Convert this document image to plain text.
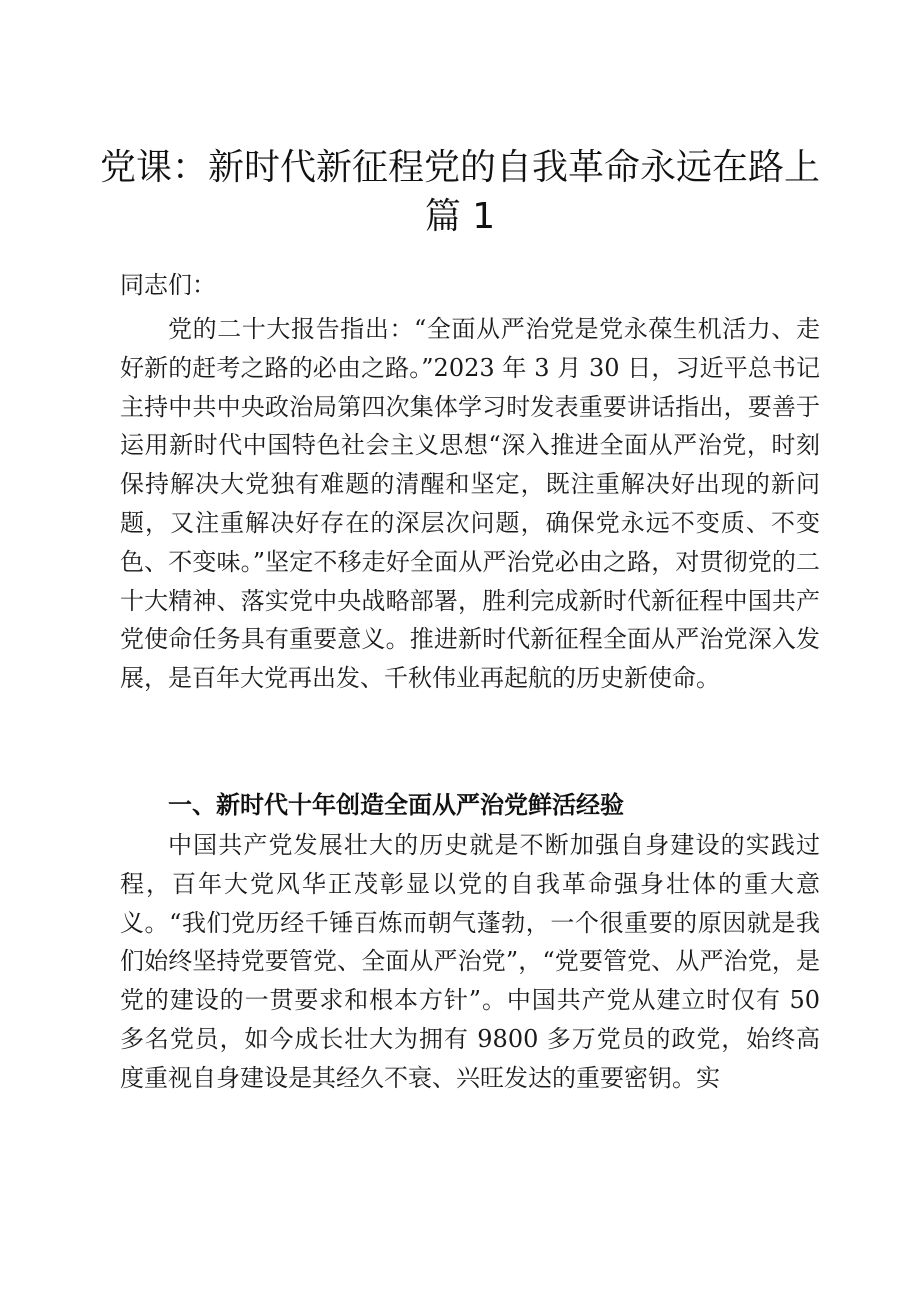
党课：新时代新征程党的自我革命永远在路上
篇 1

同志们：

党的二十大报告指出：“全面从严治党是党永葆生机活力、走好新的赶考之路的必由之路。”2023 年 3 月 30 日，习近平总书记主持中共中央政治局第四次集体学习时发表重要讲话指出，要善于运用新时代中国特色社会主义思想“深入推进全面从严治党，时刻保持解决大党独有难题的清醒和坚定，既注重解决好出现的新问题，又注重解决好存在的深层次问题，确保党永远不变质、不变色、不变味。”坚定不移走好全面从严治党必由之路，对贯彻党的二十大精神、落实党中央战略部署，胜利完成新时代新征程中国共产党使命任务具有重要意义。推进新时代新征程全面从严治党深入发展，是百年大党再出发、千秋伟业再起航的历史新使命。

一、新时代十年创造全面从严治党鲜活经验

中国共产党发展壮大的历史就是不断加强自身建设的实践过程，百年大党风华正茂彰显以党的自我革命强身壮体的重大意义。“我们党历经千锤百炼而朝气蓬勃，一个很重要的原因就是我们始终坚持党要管党、全面从严治党”，“党要管党、从严治党，是党的建设的一贯要求和根本方针”。中国共产党从建立时仅有 50 多名党员，如今成长壮大为拥有 9800 多万党员的政党，始终高度重视自身建设是其经久不衰、兴旺发达的重要密钥。实
